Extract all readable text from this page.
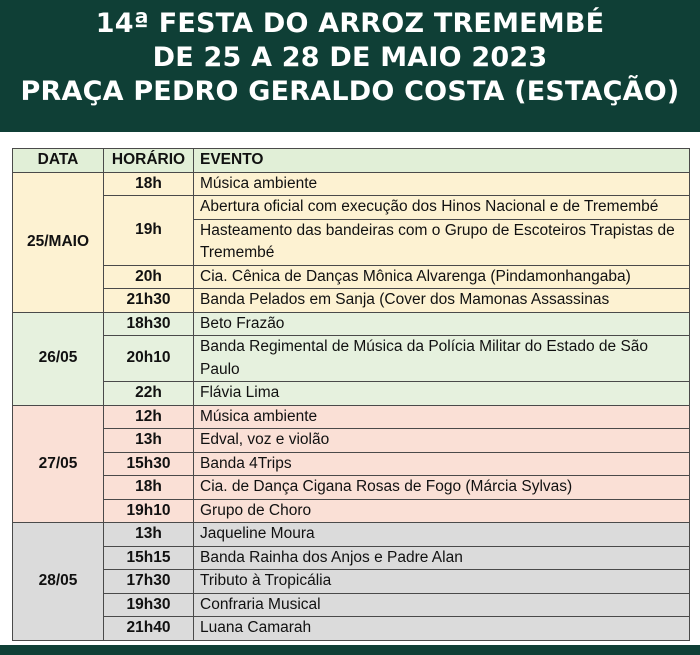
14ª FESTA DO ARROZ TREMEMBÉ
DE 25 A 28 DE MAIO 2023
PRAÇA PEDRO GERALDO COSTA (ESTAÇÃO)
DATA	HORÁRIO	EVENTO
25/MAIO	18h	Música ambiente
	19h	Abertura oficial com execução dos Hinos Nacional e de Tremembé
		Hasteamento das bandeiras com o Grupo de Escoteiros Trapistas de Tremembé
	20h	Cia. Cênica de Danças Mônica Alvarenga (Pindamonhangaba)
	21h30	Banda Pelados em Sanja (Cover dos Mamonas Assassinas
26/05	18h30	Beto Frazão
	20h10	Banda Regimental de Música da Polícia Militar do Estado de São Paulo
	22h	Flávia Lima
27/05	12h	Música ambiente
	13h	Edval, voz e violão
	15h30	Banda 4Trips
	18h	Cia. de Dança Cigana Rosas de Fogo (Márcia Sylvas)
	19h10	Grupo de Choro
28/05	13h	Jaqueline Moura
	15h15	Banda Rainha dos Anjos e Padre Alan
	17h30	Tributo à Tropicália
	19h30	Confraria Musical
	21h40	Luana Camarah
